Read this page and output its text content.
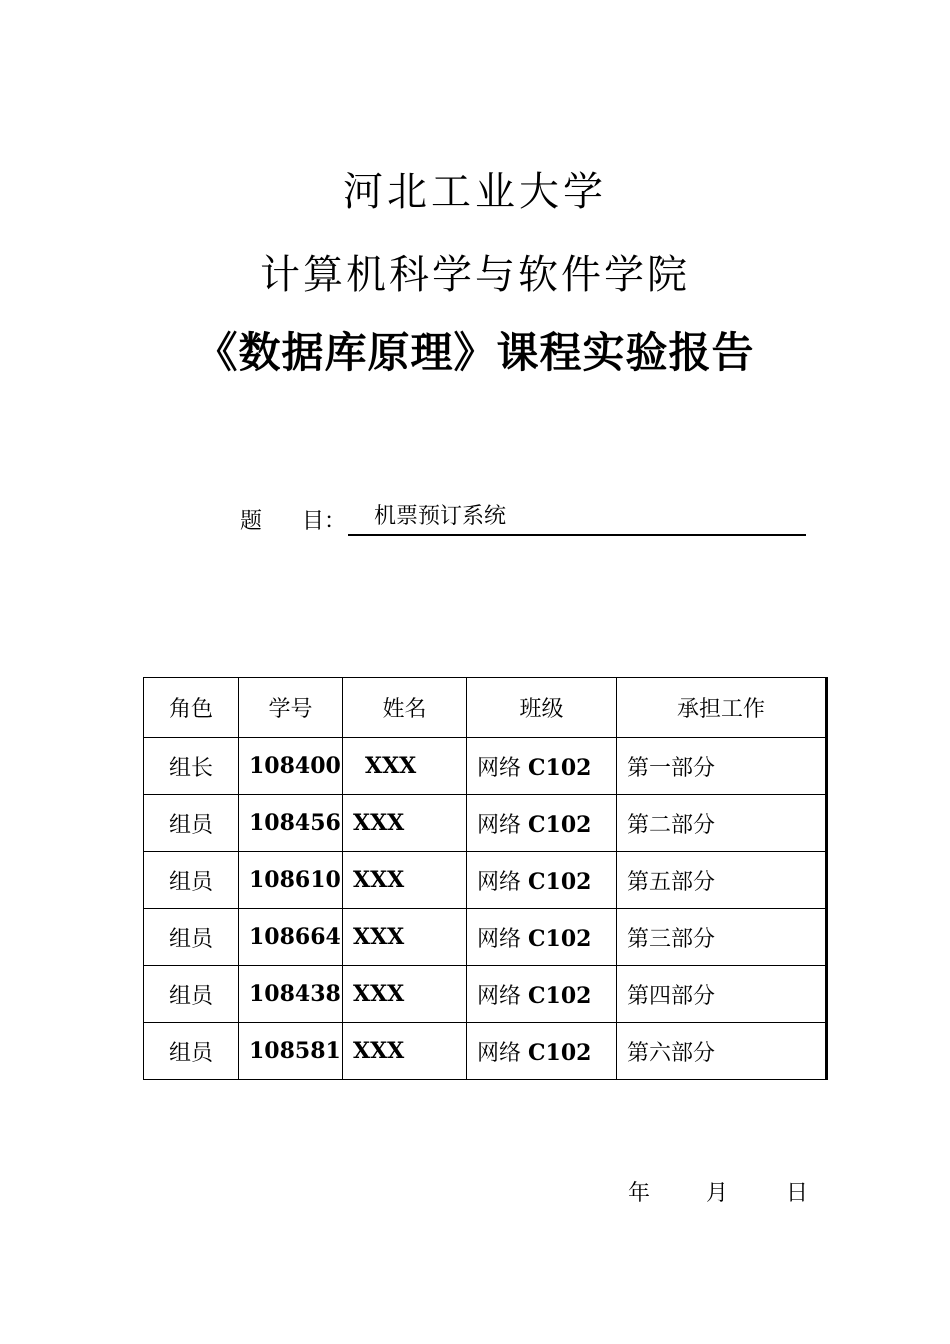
河北工业大学
计算机科学与软件学院
《数据库原理》课程实验报告
题 目：	机票预订系统
角色	学号	姓名	班级	承担工作
组长	108400	XXX	网络 C102	第一部分
组员	108456	XXX	网络 C102	第二部分
组员	108610	XXX	网络 C102	第五部分
组员	108664	XXX	网络 C102	第三部分
组员	108438	XXX	网络 C102	第四部分
组员	108581	XXX	网络 C102	第六部分
年	月	日
